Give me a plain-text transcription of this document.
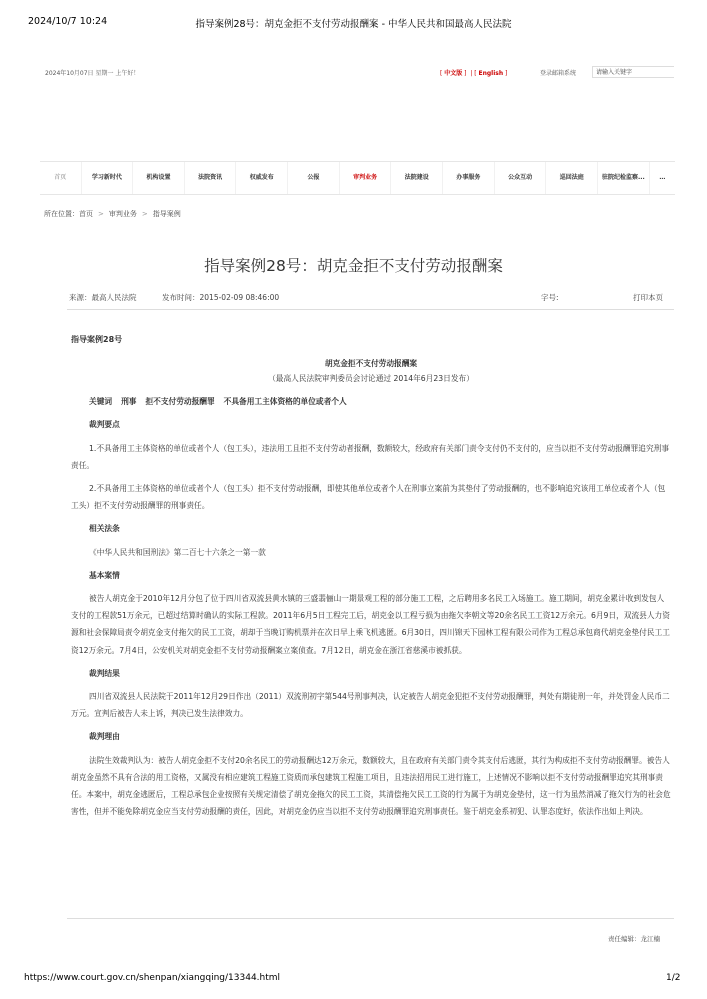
2024/10/7 10:24	指导案例28号：胡克金拒不支付劳动报酬案 - 中华人民共和国最高人民法院
2024年10月07日 星期一 上午好！	[ 中文版 ]  | [ English ]	登录邮箱系统	请输入关键字
首页	学习新时代	机构设置	法院资讯	权威发布	公报	审判业务	法院建设	办事服务	公众互动	巡回法庭	驻院纪检监察...	…
所在位置：首页 > 审判业务 > 指导案例
指导案例28号：胡克金拒不支付劳动报酬案
来源：最高人民法院	发布时间：2015-02-09 08:46:00	字号:	打印本页

指导案例28号

胡克金拒不支付劳动报酬案

（最高人民法院审判委员会讨论通过 2014年6月23日发布）

关键词 刑事 拒不支付劳动报酬罪 不具备用工主体资格的单位或者个人

裁判要点

1.不具备用工主体资格的单位或者个人（包工头），违法用工且拒不支付劳动者报酬，数额较大，经政府有关部门责令支付仍不支付的，应当以拒不支付劳动报酬罪追究刑事责任。

2.不具备用工主体资格的单位或者个人（包工头）拒不支付劳动报酬，即使其他单位或者个人在刑事立案前为其垫付了劳动报酬的，也不影响追究该用工单位或者个人（包工头）拒不支付劳动报酬罪的刑事责任。

相关法条

《中华人民共和国刑法》第二百七十六条之一第一款

基本案情

被告人胡克金于2010年12月分包了位于四川省双流县黄水镇的三盛翡俪山一期景观工程的部分施工工程，之后聘用多名民工入场施工。施工期间，胡克金累计收到发包人支付的工程款51万余元，已超过结算时确认的实际工程款。2011年6月5日工程完工后，胡克金以工程亏损为由拖欠李朝文等20余名民工工资12万余元。6月9日，双流县人力资源和社会保障局责令胡克金支付拖欠的民工工资，胡却于当晚订购机票并在次日早上乘飞机逃匿。6月30日，四川锦天下园林工程有限公司作为工程总承包商代胡克金垫付民工工资12万余元。7月4日，公安机关对胡克金拒不支付劳动报酬案立案侦查。7月12日，胡克金在浙江省慈溪市被抓获。

裁判结果

四川省双流县人民法院于2011年12月29日作出（2011）双流刑初字第544号刑事判决，认定被告人胡克金犯拒不支付劳动报酬罪，判处有期徒刑一年，并处罚金人民币二万元。宣判后被告人未上诉，判决已发生法律效力。

裁判理由

法院生效裁判认为：被告人胡克金拒不支付20余名民工的劳动报酬达12万余元，数额较大，且在政府有关部门责令其支付后逃匿，其行为构成拒不支付劳动报酬罪。被告人胡克金虽然不具有合法的用工资格，又属没有相应建筑工程施工资质而承包建筑工程施工项目，且违法招用民工进行施工，上述情况不影响以拒不支付劳动报酬罪追究其刑事责任。本案中，胡克金逃匿后，工程总承包企业按照有关规定清偿了胡克金拖欠的民工工资，其清偿拖欠民工工资的行为属于为胡克金垫付，这一行为虽然消减了拖欠行为的社会危害性，但并不能免除胡克金应当支付劳动报酬的责任，因此，对胡克金仍应当以拒不支付劳动报酬罪追究刑事责任。鉴于胡克金系初犯、认罪态度好，依法作出如上判决。

责任编辑：龙江楠
https://www.court.gov.cn/shenpan/xiangqing/13344.html	1/2
